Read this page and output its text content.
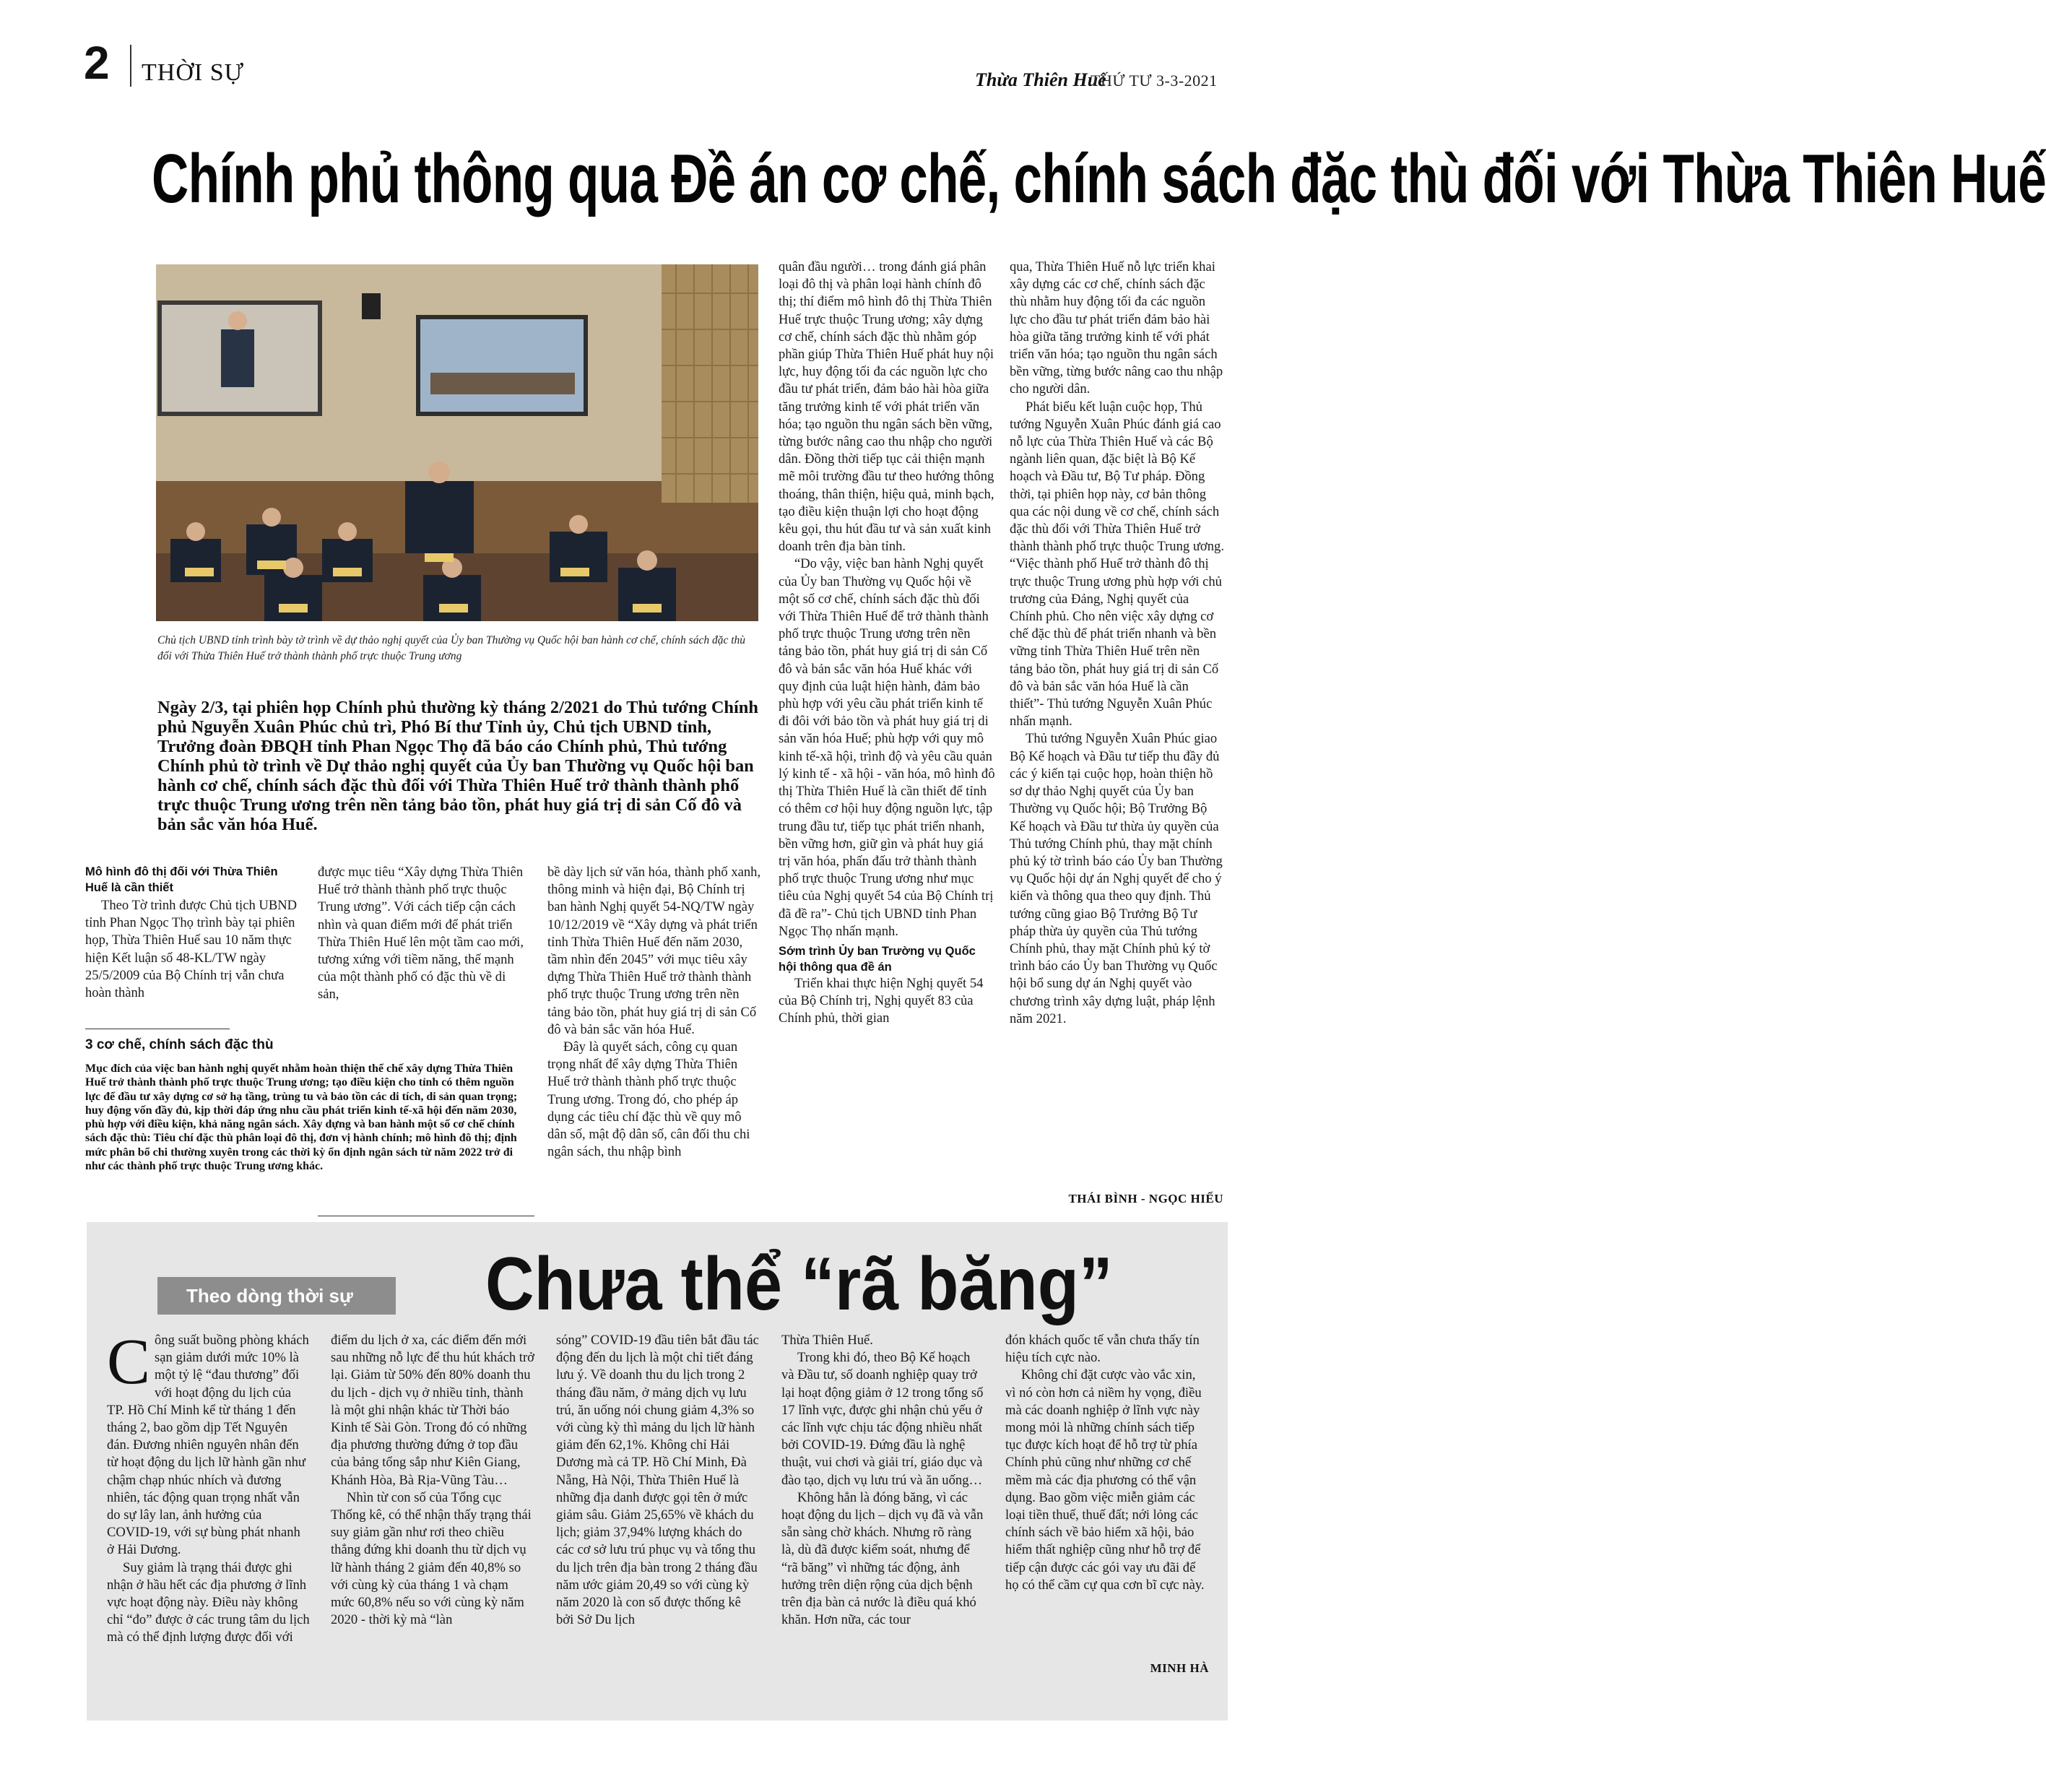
2 THỜI SỰ	Thừa Thiên Huế
THỨ TƯ 3-3-2021
Chính phủ thông qua Đề án cơ chế, chính sách đặc thù đối với Thừa Thiên Huế
Chủ tịch UBND tỉnh trình bày tờ trình về dự thảo nghị quyết của Ủy ban Thường vụ Quốc hội ban hành cơ chế, chính sách đặc thù đối với Thừa Thiên Huế trở thành thành phố trực thuộc Trung ương
Ngày 2/3, tại phiên họp Chính phủ thường kỳ tháng 2/2021 do Thủ tướng Chính phủ Nguyễn Xuân Phúc chủ trì, Phó Bí thư Tỉnh ủy, Chủ tịch UBND tỉnh, Trưởng đoàn ĐBQH tỉnh Phan Ngọc Thọ đã báo cáo Chính phủ, Thủ tướng Chính phủ tờ trình về Dự thảo nghị quyết của Ủy ban Thường vụ Quốc hội ban hành cơ chế, chính sách đặc thù đối với Thừa Thiên Huế trở thành thành phố trực thuộc Trung ương trên nền tảng bảo tồn, phát huy giá trị di sản Cố đô và bản sắc văn hóa Huế.
Mô hình đô thị đối với Thừa Thiên Huế là cần thiết

Theo Tờ trình được Chủ tịch UBND tỉnh Phan Ngọc Thọ trình bày tại phiên họp, Thừa Thiên Huế sau 10 năm thực hiện Kết luận số 48-KL/TW ngày 25/5/2009 của Bộ Chính trị vẫn chưa hoàn thành

được mục tiêu “Xây dựng Thừa Thiên Huế trở thành thành phố trực thuộc Trung ương”. Với cách tiếp cận cách nhìn và quan điểm mới để phát triển Thừa Thiên Huế lên một tầm cao mới, tương xứng với tiềm năng, thế mạnh của một thành phố có đặc thù về di sản,

bề dày lịch sử văn hóa, thành phố xanh, thông minh và hiện đại, Bộ Chính trị ban hành Nghị quyết 54-NQ/TW ngày 10/12/2019 về “Xây dựng và phát triển tỉnh Thừa Thiên Huế đến năm 2030, tầm nhìn đến 2045” với mục tiêu xây dựng Thừa Thiên Huế trở thành thành phố trực thuộc Trung ương trên nền tảng bảo tồn, phát huy giá trị di sản Cố đô và bản sắc văn hóa Huế.

Đây là quyết sách, công cụ quan trọng nhất để xây dựng Thừa Thiên Huế trở thành thành phố trực thuộc Trung ương. Trong đó, cho phép áp dụng các tiêu chí đặc thù về quy mô dân số, mật độ dân số, cân đối thu chi ngân sách, thu nhập bình

3 cơ chế, chính sách đặc thù
Mục đích của việc ban hành nghị quyết nhằm hoàn thiện thể chế xây dựng Thừa Thiên Huế trở thành thành phố trực thuộc Trung ương; tạo điều kiện cho tỉnh có thêm nguồn lực để đầu tư xây dựng cơ sở hạ tầng, trùng tu và bảo tồn các di tích, di sản quan trọng; huy động vốn đầy đủ, kịp thời đáp ứng nhu cầu phát triển kinh tế-xã hội đến năm 2030, phù hợp với điều kiện, khả năng ngân sách. Xây dựng và ban hành một số cơ chế chính sách đặc thù: Tiêu chí đặc thù phân loại đô thị, đơn vị hành chính; mô hình đô thị; định mức phân bổ chi thường xuyên trong các thời kỳ ổn định ngân sách từ năm 2022 trở đi như các thành phố trực thuộc Trung ương khác.

quân đầu người… trong đánh giá phân loại đô thị và phân loại hành chính đô thị; thí điểm mô hình đô thị Thừa Thiên Huế trực thuộc Trung ương; xây dựng cơ chế, chính sách đặc thù nhằm góp phần giúp Thừa Thiên Huế phát huy nội lực, huy động tối đa các nguồn lực cho đầu tư phát triển, đảm bảo hài hòa giữa tăng trưởng kinh tế với phát triển văn hóa; tạo nguồn thu ngân sách bền vững, từng bước nâng cao thu nhập cho người dân. Đồng thời tiếp tục cải thiện mạnh mẽ môi trường đầu tư theo hướng thông thoáng, thân thiện, hiệu quả, minh bạch, tạo điều kiện thuận lợi cho hoạt động kêu gọi, thu hút đầu tư và sản xuất kinh doanh trên địa bàn tỉnh.

“Do vậy, việc ban hành Nghị quyết của Ủy ban Thường vụ Quốc hội về một số cơ chế, chính sách đặc thù đối với Thừa Thiên Huế để trở thành thành phố trực thuộc Trung ương trên nền tảng bảo tồn, phát huy giá trị di sản Cố đô và bản sắc văn hóa Huế khác với quy định của luật hiện hành, đảm bảo phù hợp với yêu cầu phát triển kinh tế đi đôi với bảo tồn và phát huy giá trị di sản văn hóa Huế; phù hợp với quy mô kinh tế-xã hội, trình độ và yêu cầu quản lý kinh tế - xã hội - văn hóa, mô hình đô thị Thừa Thiên Huế là cần thiết để tỉnh có thêm cơ hội huy động nguồn lực, tập trung đầu tư, tiếp tục phát triển nhanh, bền vững hơn, giữ gìn và phát huy giá trị văn hóa, phấn đấu trở thành thành phố trực thuộc Trung ương như mục tiêu của Nghị quyết 54 của Bộ Chính trị đã đề ra”- Chủ tịch UBND tỉnh Phan Ngọc Thọ nhấn mạnh.

Sớm trình Ủy ban Trường vụ Quốc hội thông qua đề án

Triển khai thực hiện Nghị quyết 54 của Bộ Chính trị, Nghị quyết 83 của Chính phủ, thời gian

qua, Thừa Thiên Huế nỗ lực triển khai xây dựng các cơ chế, chính sách đặc thù nhằm huy động tối đa các nguồn lực cho đầu tư phát triển đảm bảo hài hòa giữa tăng trưởng kinh tế với phát triển văn hóa; tạo nguồn thu ngân sách bền vững, từng bước nâng cao thu nhập cho người dân.

Phát biểu kết luận cuộc họp, Thủ tướng Nguyễn Xuân Phúc đánh giá cao nỗ lực của Thừa Thiên Huế và các Bộ ngành liên quan, đặc biệt là Bộ Kế hoạch và Đầu tư, Bộ Tư pháp. Đồng thời, tại phiên họp này, cơ bản thông qua các nội dung về cơ chế, chính sách đặc thù đối với Thừa Thiên Huế trở thành thành phố trực thuộc Trung ương. “Việc thành phố Huế trở thành đô thị trực thuộc Trung ương phù hợp với chủ trương của Đảng, Nghị quyết của Chính phủ. Cho nên việc xây dựng cơ chế đặc thù để phát triển nhanh và bền vững tỉnh Thừa Thiên Huế trên nền tảng bảo tồn, phát huy giá trị di sản Cố đô và bản sắc văn hóa Huế là cần thiết”- Thủ tướng Nguyễn Xuân Phúc nhấn mạnh.

Thủ tướng Nguyễn Xuân Phúc giao Bộ Kế hoạch và Đầu tư tiếp thu đầy đủ các ý kiến tại cuộc họp, hoàn thiện hồ sơ dự thảo Nghị quyết của Ủy ban Thường vụ Quốc hội; Bộ Trưởng Bộ Kế hoạch và Đầu tư thừa ủy quyền của Thủ tướng Chính phủ, thay mặt chính phủ ký tờ trình báo cáo Ủy ban Thường vụ Quốc hội dự án Nghị quyết để cho ý kiến và thông qua theo quy định. Thủ tướng cũng giao Bộ Trưởng Bộ Tư pháp thừa ủy quyền của Thủ tướng Chính phủ, thay mặt Chính phủ ký tờ trình báo cáo Ủy ban Thường vụ Quốc hội bổ sung dự án Nghị quyết vào chương trình xây dựng luật, pháp lệnh năm 2021.

THÁI BÌNH - NGỌC HIẾU
Theo dòng thời sự	Chưa thể “rã băng”

Công suất buồng phòng khách sạn giảm dưới mức 10% là một tỷ lệ “đau thương” đối với hoạt động du lịch của TP. Hồ Chí Minh kể từ tháng 1 đến tháng 2, bao gồm dịp Tết Nguyên đán. Đương nhiên nguyên nhân đến từ hoạt động du lịch lữ hành gần như chậm chạp nhúc nhích và đương nhiên, tác động quan trọng nhất vẫn do sự lây lan, ảnh hưởng của COVID-19, với sự bùng phát nhanh ở Hải Dương.

Suy giảm là trạng thái được ghi nhận ở hầu hết các địa phương ở lĩnh vực hoạt động này. Điều này không chỉ “đo” được ở các trung tâm du lịch mà có thể định lượng được đối với

điểm du lịch ở xa, các điểm đến mới sau những nỗ lực để thu hút khách trở lại. Giảm từ 50% đến 80% doanh thu du lịch - dịch vụ ở nhiều tỉnh, thành là một ghi nhận khác từ Thời báo Kinh tế Sài Gòn. Trong đó có những địa phương thường đứng ở top đầu của bảng tổng sắp như Kiên Giang, Khánh Hòa, Bà Rịa-Vũng Tàu…

Nhìn từ con số của Tổng cục Thống kê, có thể nhận thấy trạng thái suy giảm gần như rơi theo chiều thẳng đứng khi doanh thu từ dịch vụ lữ hành tháng 2 giảm đến 40,8% so với cùng kỳ của tháng 1 và chạm mức 60,8% nếu so với cùng kỳ năm 2020 - thời kỳ mà “làn

sóng” COVID-19 đầu tiên bắt đầu tác động đến du lịch là một chỉ tiết đáng lưu ý. Về doanh thu du lịch trong 2 tháng đầu năm, ở mảng dịch vụ lưu trú, ăn uống nói chung giảm 4,3% so với cùng kỳ thì mảng du lịch lữ hành giảm đến 62,1%. Không chỉ Hải Dương mà cả TP. Hồ Chí Minh, Đà Nẵng, Hà Nội, Thừa Thiên Huế là những địa danh được gọi tên ở mức giảm sâu. Giảm 25,65% về khách du lịch; giảm 37,94% lượng khách do các cơ sở lưu trú phục vụ và tổng thu du lịch trên địa bàn trong 2 tháng đầu năm ước giảm 20,49 so với cùng kỳ năm 2020 là con số được thống kê bởi Sở Du lịch

Thừa Thiên Huế.

Trong khi đó, theo Bộ Kế hoạch và Đầu tư, số doanh nghiệp quay trở lại hoạt động giảm ở 12 trong tổng số 17 lĩnh vực, được ghi nhận chủ yếu ở các lĩnh vực chịu tác động nhiều nhất bởi COVID-19. Đứng đầu là nghệ thuật, vui chơi và giải trí, giáo dục và đào tạo, dịch vụ lưu trú và ăn uống…

Không hẳn là đóng băng, vì các hoạt động du lịch – dịch vụ đã và vẫn sẵn sàng chờ khách. Nhưng rõ ràng là, dù đã được kiểm soát, nhưng để “rã băng” vì những tác động, ảnh hưởng trên diện rộng của dịch bệnh trên địa bàn cả nước là điều quá khó khăn. Hơn nữa, các tour

đón khách quốc tế vẫn chưa thấy tín hiệu tích cực nào.

Không chỉ đặt cược vào vắc xin, vì nó còn hơn cả niềm hy vọng, điều mà các doanh nghiệp ở lĩnh vực này mong mỏi là những chính sách tiếp tục được kích hoạt để hỗ trợ từ phía Chính phủ cũng như những cơ chế mềm mà các địa phương có thể vận dụng. Bao gồm việc miễn giảm các loại tiền thuế, thuế đất; nới lỏng các chính sách về bảo hiểm xã hội, bảo hiểm thất nghiệp cũng như hỗ trợ để tiếp cận được các gói vay ưu đãi để họ có thể cầm cự qua cơn bĩ cực này.

MINH HÀ
